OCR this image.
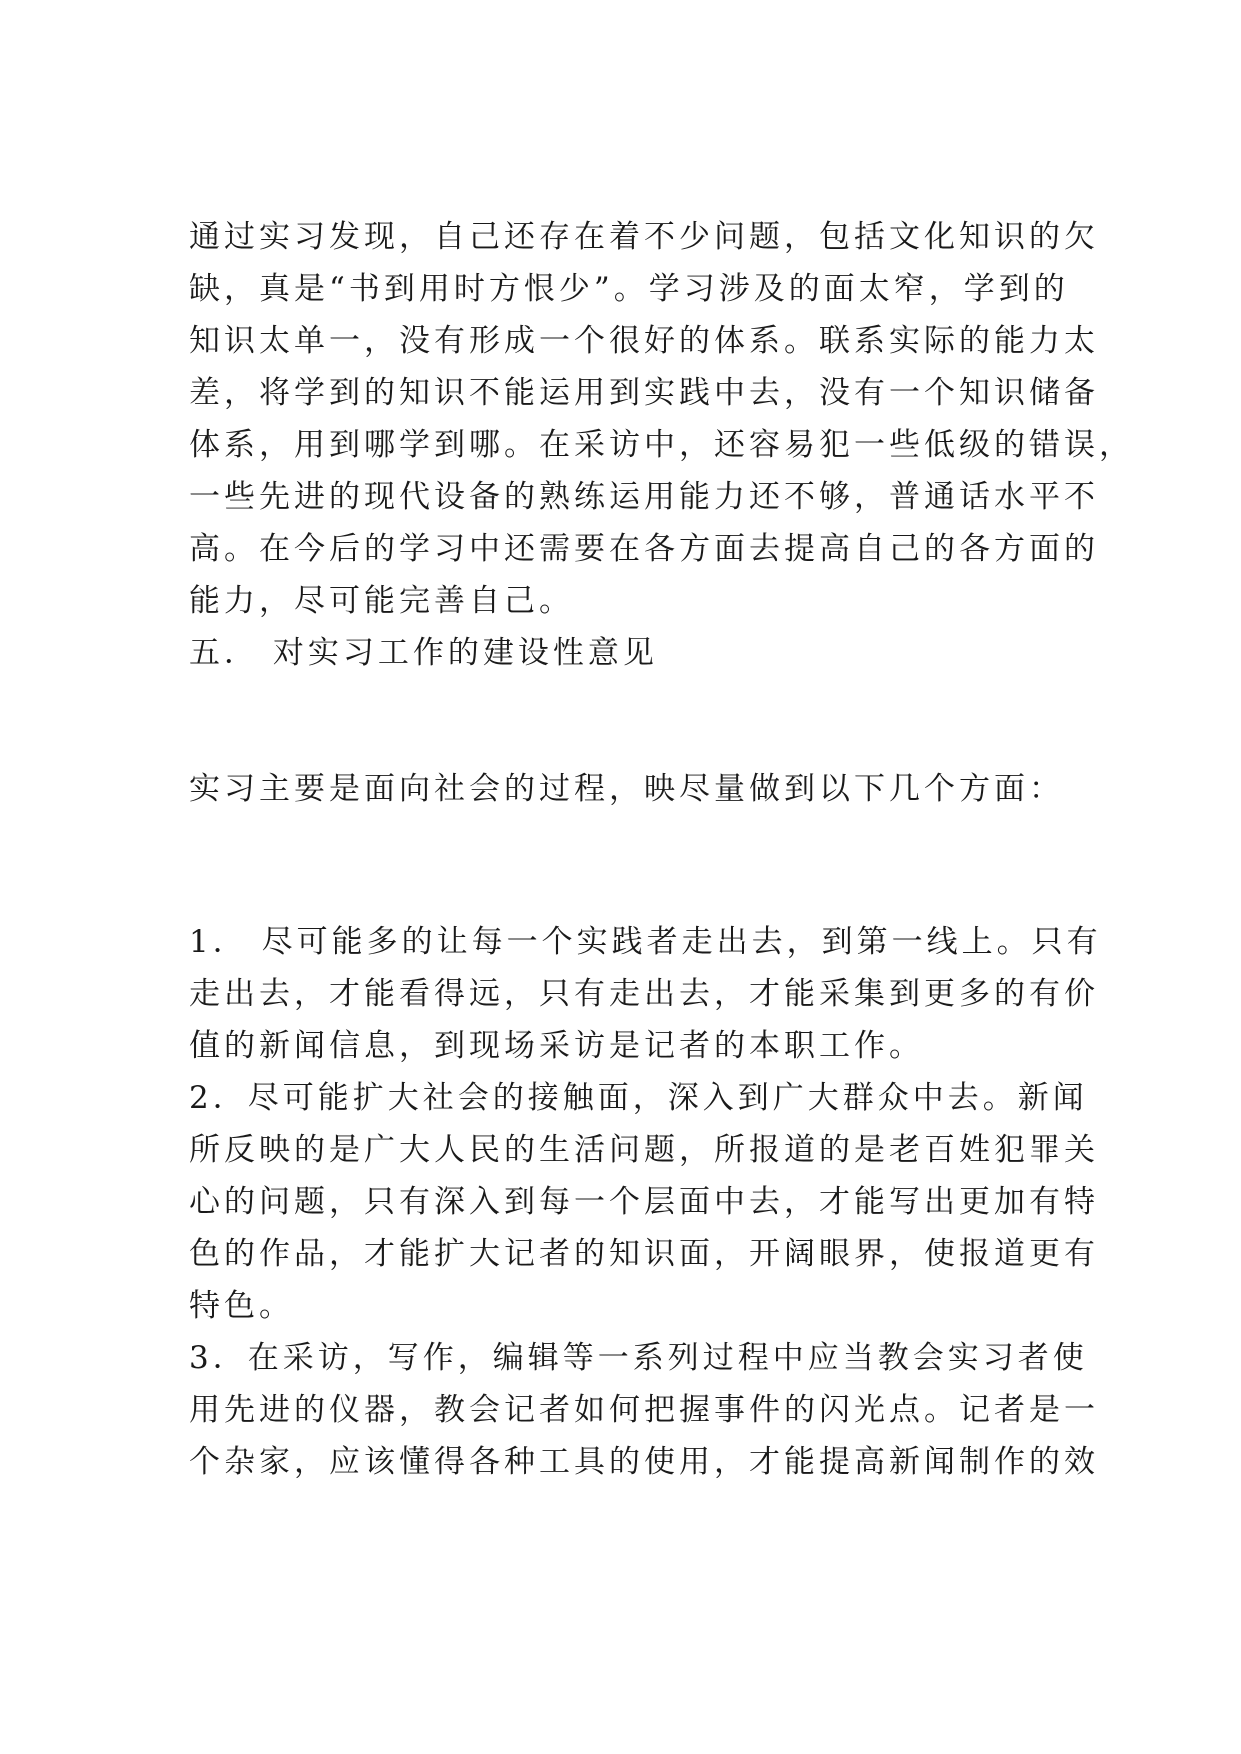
通过实习发现，自己还存在着不少问题，包括文化知识的欠
缺，真是“书到用时方恨少”。学习涉及的面太窄，学到的
知识太单一，没有形成一个很好的体系。联系实际的能力太
差，将学到的知识不能运用到实践中去，没有一个知识储备
体系，用到哪学到哪。在采访中，还容易犯一些低级的错误，
一些先进的现代设备的熟练运用能力还不够，普通话水平不
高。在今后的学习中还需要在各方面去提高自己的各方面的
能力，尽可能完善自己。
五． 对实习工作的建设性意见
实习主要是面向社会的过程，映尽量做到以下几个方面：
1． 尽可能多的让每一个实践者走出去，到第一线上。只有
走出去，才能看得远，只有走出去，才能采集到更多的有价
值的新闻信息，到现场采访是记者的本职工作。
2．尽可能扩大社会的接触面，深入到广大群众中去。新闻
所反映的是广大人民的生活问题，所报道的是老百姓犯罪关
心的问题，只有深入到每一个层面中去，才能写出更加有特
色的作品，才能扩大记者的知识面，开阔眼界，使报道更有
特色。
3．在采访，写作，编辑等一系列过程中应当教会实习者使
用先进的仪器，教会记者如何把握事件的闪光点。记者是一
个杂家，应该懂得各种工具的使用，才能提高新闻制作的效
